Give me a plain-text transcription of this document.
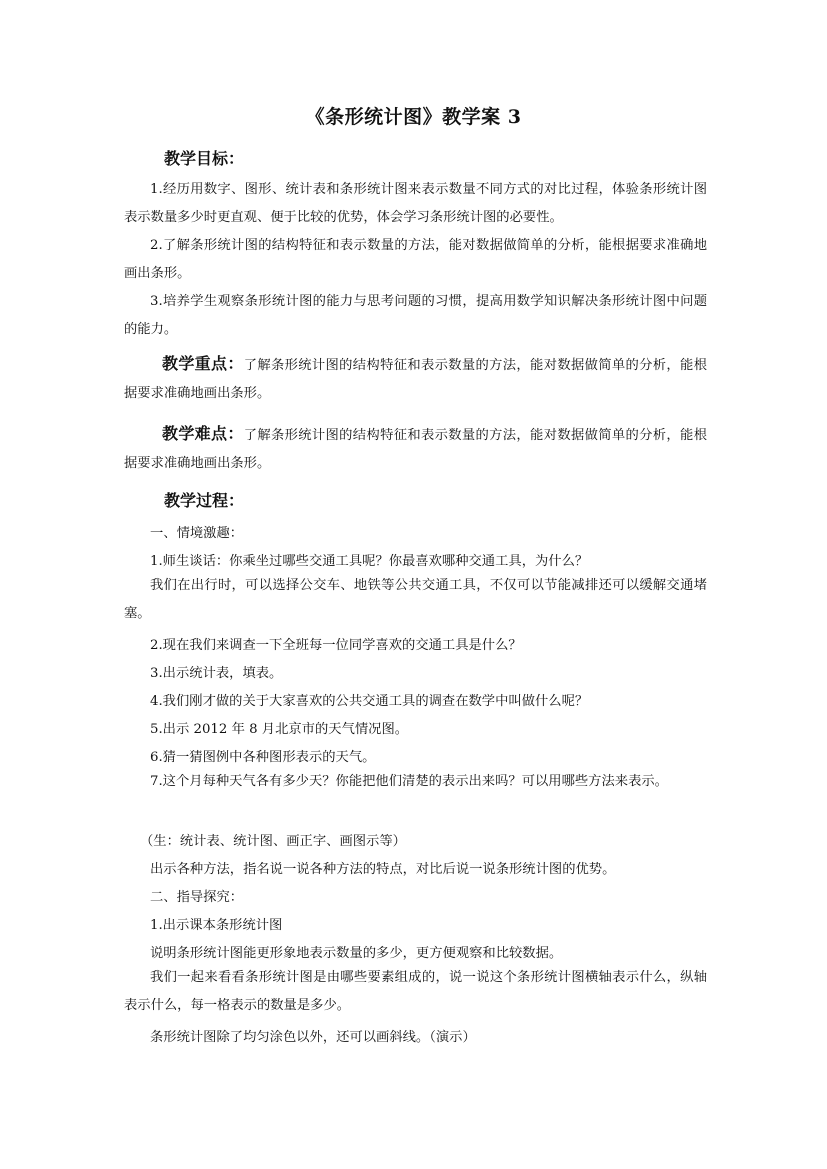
《条形统计图》教学案 3
教学目标：
1.经历用数字、图形、统计表和条形统计图来表示数量不同方式的对比过程，体验条形统计图表示数量多少时更直观、便于比较的优势，体会学习条形统计图的必要性。
2.了解条形统计图的结构特征和表示数量的方法，能对数据做简单的分析，能根据要求准确地画出条形。
3.培养学生观察条形统计图的能力与思考问题的习惯，提高用数学知识解决条形统计图中问题的能力。
教学重点：了解条形统计图的结构特征和表示数量的方法，能对数据做简单的分析，能根据要求准确地画出条形。
教学难点：了解条形统计图的结构特征和表示数量的方法，能对数据做简单的分析，能根据要求准确地画出条形。
教学过程：
一、情境激趣：
1.师生谈话：你乘坐过哪些交通工具呢？你最喜欢哪种交通工具，为什么？
我们在出行时，可以选择公交车、地铁等公共交通工具，不仅可以节能减排还可以缓解交通堵塞。
2.现在我们来调查一下全班每一位同学喜欢的交通工具是什么？
3.出示统计表，填表。
4.我们刚才做的关于大家喜欢的公共交通工具的调查在数学中叫做什么呢？
5.出示 2012 年 8 月北京市的天气情况图。
6.猜一猜图例中各种图形表示的天气。
7.这个月每种天气各有多少天？你能把他们清楚的表示出来吗？可以用哪些方法来表示。
（生：统计表、统计图、画正字、画图示等）
出示各种方法，指名说一说各种方法的特点，对比后说一说条形统计图的优势。
二、指导探究：
1.出示课本条形统计图
说明条形统计图能更形象地表示数量的多少，更方便观察和比较数据。
我们一起来看看条形统计图是由哪些要素组成的，说一说这个条形统计图横轴表示什么，纵轴表示什么，每一格表示的数量是多少。
条形统计图除了均匀涂色以外，还可以画斜线。（演示）
